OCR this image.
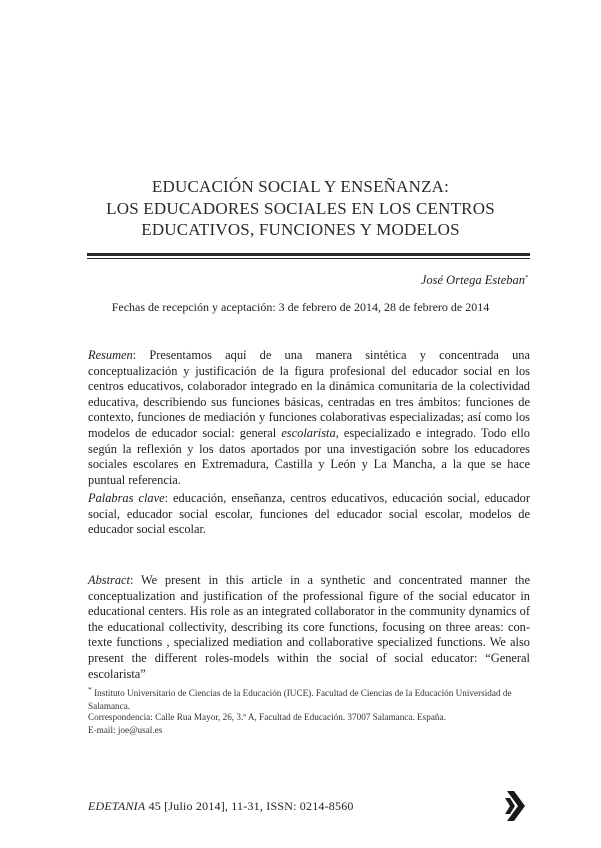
EDUCACIÓN SOCIAL Y ENSEÑANZA:
LOS EDUCADORES SOCIALES EN LOS CENTROS
EDUCATIVOS, FUNCIONES Y MODELOS
José Ortega Esteban*
Fechas de recepción y aceptación: 3 de febrero de 2014, 28 de febrero de 2014
Resumen: Presentamos aquí de una manera sintética y concentrada una conceptualización y justificación de la figura profesional del educador social en los centros educativos, colaborador integrado en la dinámica comunitaria de la colectividad educativa, describiendo sus funciones básicas, centradas en tres ámbitos: funciones de contexto, funciones de mediación y funciones colaborativas especializadas; así como los modelos de educador social: general escolarista, especializado e integrado. Todo ello según la reflexión y los datos aportados por una investigación sobre los educadores sociales escolares en Extremadura, Castilla y León y La Mancha, a la que se hace puntual referencia.
Palabras clave: educación, enseñanza, centros educativos, educación social, educador social, educador social escolar, funciones del educador social escolar, modelos de educador social escolar.
Abstract: We present in this article in a synthetic and concentrated manner the conceptualization and justification of the professional figure of the social educator in educational centers. His role as an integrated collaborator in the community dynamics of the educational collectivity, describing its core functions, focusing on three areas: con-texte functions , specialized mediation and collaborative specialized functions. We also present the different roles-models within the social of social educator: “General escolarista”
* Instituto Universitario de Ciencias de la Educación (IUCE). Facultad de Ciencias de la Educación Universidad de Salamanca.
Correspondencia: Calle Rua Mayor, 26, 3.º A, Facultad de Educación. 37007 Salamanca. España.
E-mail: joe@usal.es
EDETANIA 45 [Julio 2014], 11-31, ISSN: 0214-8560
